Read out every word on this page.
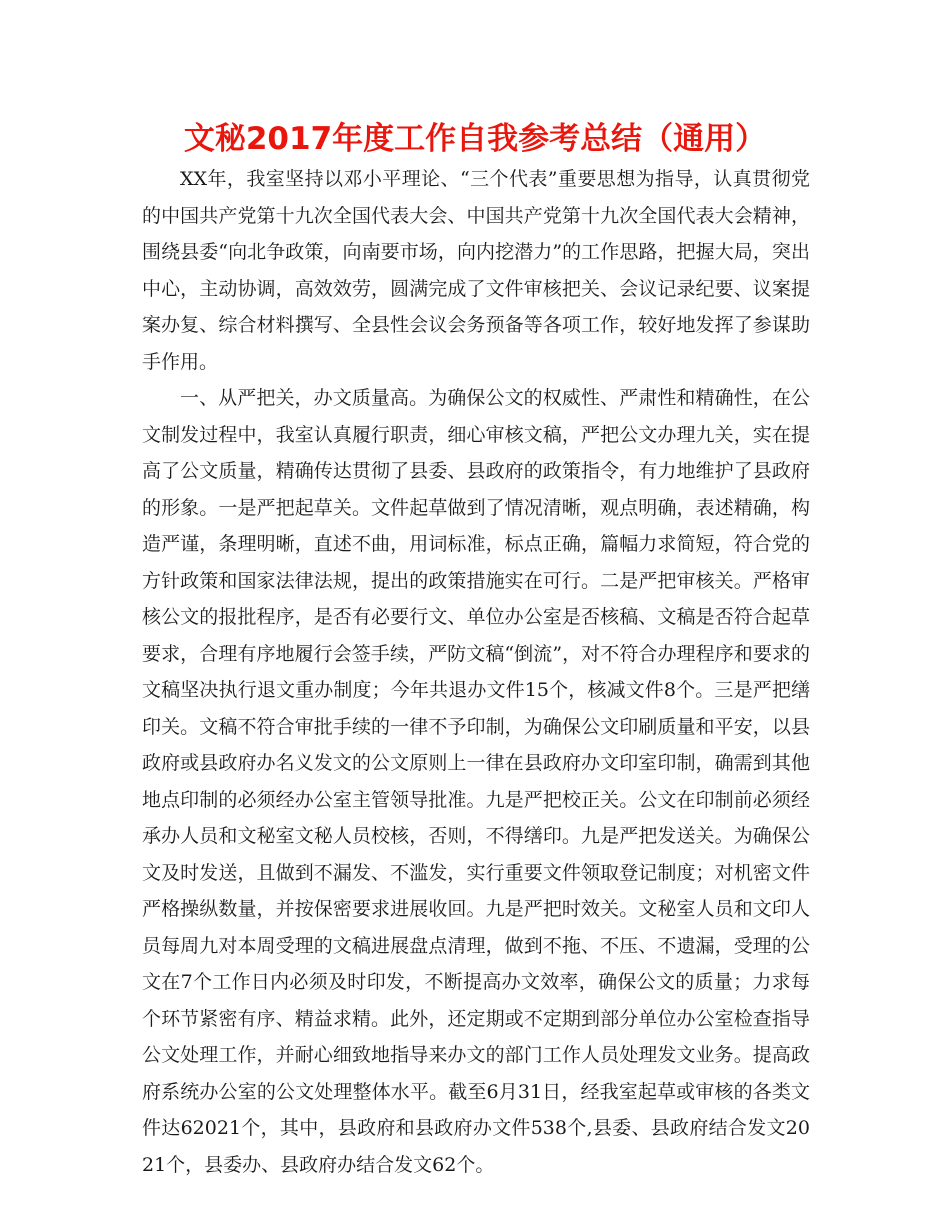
文秘2017年度工作自我参考总结（通用）

XX年，我室坚持以邓小平理论、“三个代表”重要思想为指导，认真贯彻党的中国共产党第十九次全国代表大会、中国共产党第十九次全国代表大会精神，围绕县委“向北争政策，向南要市场，向内挖潜力”的工作思路，把握大局，突出中心，主动协调，高效效劳，圆满完成了文件审核把关、会议记录纪要、议案提案办复、综合材料撰写、全县性会议会务预备等各项工作，较好地发挥了参谋助手作用。

一、从严把关，办文质量高。为确保公文的权威性、严肃性和精确性，在公文制发过程中，我室认真履行职责，细心审核文稿，严把公文办理九关，实在提高了公文质量，精确传达贯彻了县委、县政府的政策指令，有力地维护了县政府的形象。一是严把起草关。文件起草做到了情况清晰，观点明确，表述精确，构造严谨，条理明晰，直述不曲，用词标准，标点正确，篇幅力求简短，符合党的方针政策和国家法律法规，提出的政策措施实在可行。二是严把审核关。严格审核公文的报批程序，是否有必要行文、单位办公室是否核稿、文稿是否符合起草要求，合理有序地履行会签手续，严防文稿“倒流”，对不符合办理程序和要求的文稿坚决执行退文重办制度；今年共退办文件15个，核减文件8个。三是严把缮印关。文稿不符合审批手续的一律不予印制，为确保公文印刷质量和平安，以县政府或县政府办名义发文的公文原则上一律在县政府办文印室印制，确需到其他地点印制的必须经办公室主管领导批准。九是严把校正关。公文在印制前必须经承办人员和文秘室文秘人员校核，否则，不得缮印。九是严把发送关。为确保公文及时发送，且做到不漏发、不滥发，实行重要文件领取登记制度；对机密文件严格操纵数量，并按保密要求进展收回。九是严把时效关。文秘室人员和文印人员每周九对本周受理的文稿进展盘点清理，做到不拖、不压、不遗漏，受理的公文在7个工作日内必须及时印发，不断提高办文效率，确保公文的质量；力求每个环节紧密有序、精益求精。此外，还定期或不定期到部分单位办公室检查指导公文处理工作，并耐心细致地指导来办文的部门工作人员处理发文业务。提高政府系统办公室的公文处理整体水平。截至6月31日，经我室起草或审核的各类文件达62021个，其中，县政府和县政府办文件538个,县委、县政府结合发文2021个，县委办、县政府办结合发文62个。
